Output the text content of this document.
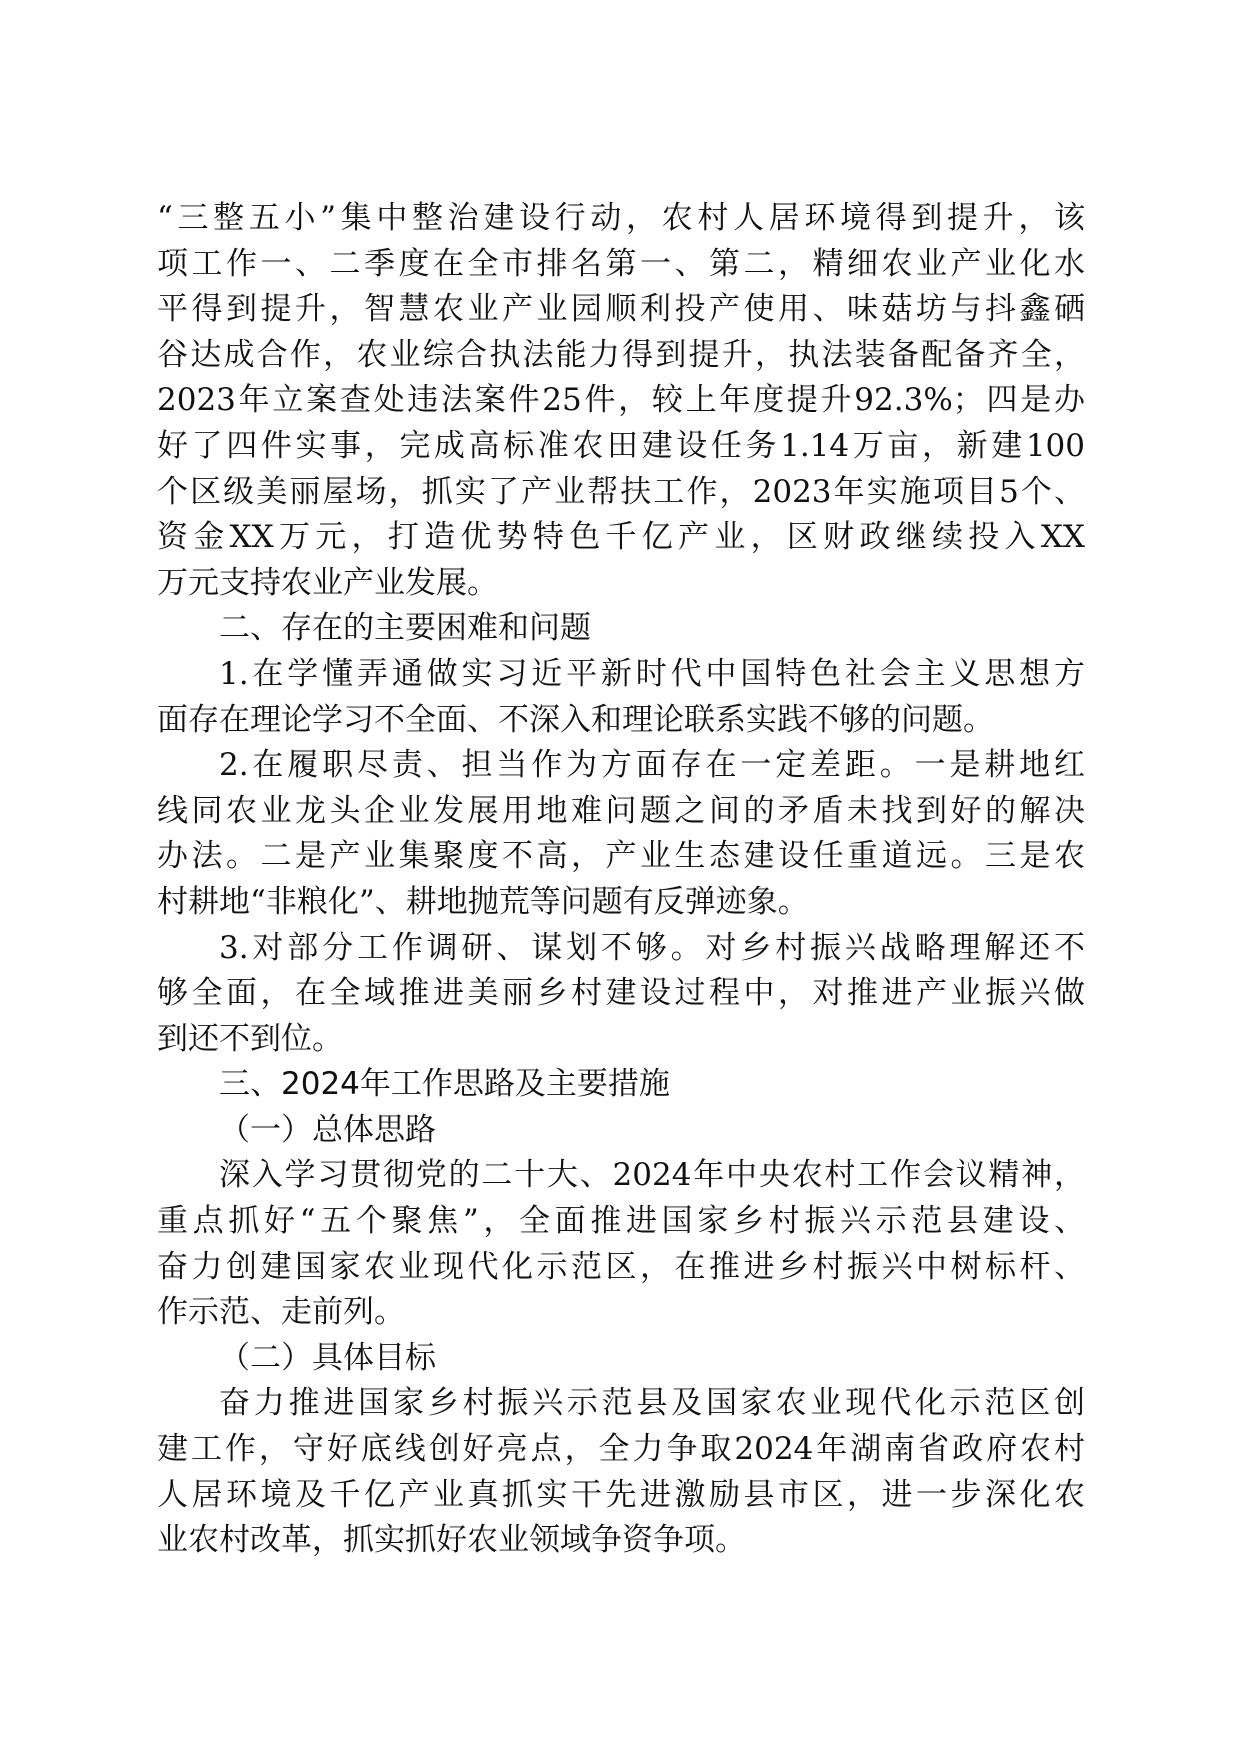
“三整五小”集中整治建设行动，农村人居环境得到提升，该
项工作一、二季度在全市排名第一、第二，精细农业产业化水
平得到提升，智慧农业产业园顺利投产使用、味菇坊与抖鑫硒
谷达成合作，农业综合执法能力得到提升，执法装备配备齐全，
2023年立案查处违法案件25件，较上年度提升92.3%；四是办
好了四件实事，完成高标准农田建设任务1.14万亩，新建100
个区级美丽屋场，抓实了产业帮扶工作，2023年实施项目5个、
资金XX万元，打造优势特色千亿产业，区财政继续投入XX
万元支持农业产业发展。
二、存在的主要困难和问题
1.在学懂弄通做实习近平新时代中国特色社会主义思想方
面存在理论学习不全面、不深入和理论联系实践不够的问题。
2.在履职尽责、担当作为方面存在一定差距。一是耕地红
线同农业龙头企业发展用地难问题之间的矛盾未找到好的解决
办法。二是产业集聚度不高，产业生态建设任重道远。三是农
村耕地“非粮化”、耕地抛荒等问题有反弹迹象。
3.对部分工作调研、谋划不够。对乡村振兴战略理解还不
够全面，在全域推进美丽乡村建设过程中，对推进产业振兴做
到还不到位。
三、2024年工作思路及主要措施
（一）总体思路
深入学习贯彻党的二十大、2024年中央农村工作会议精神，
重点抓好“五个聚焦”，全面推进国家乡村振兴示范县建设、
奋力创建国家农业现代化示范区，在推进乡村振兴中树标杆、
作示范、走前列。
（二）具体目标
奋力推进国家乡村振兴示范县及国家农业现代化示范区创
建工作，守好底线创好亮点，全力争取2024年湖南省政府农村
人居环境及千亿产业真抓实干先进激励县市区，进一步深化农
业农村改革，抓实抓好农业领域争资争项。
